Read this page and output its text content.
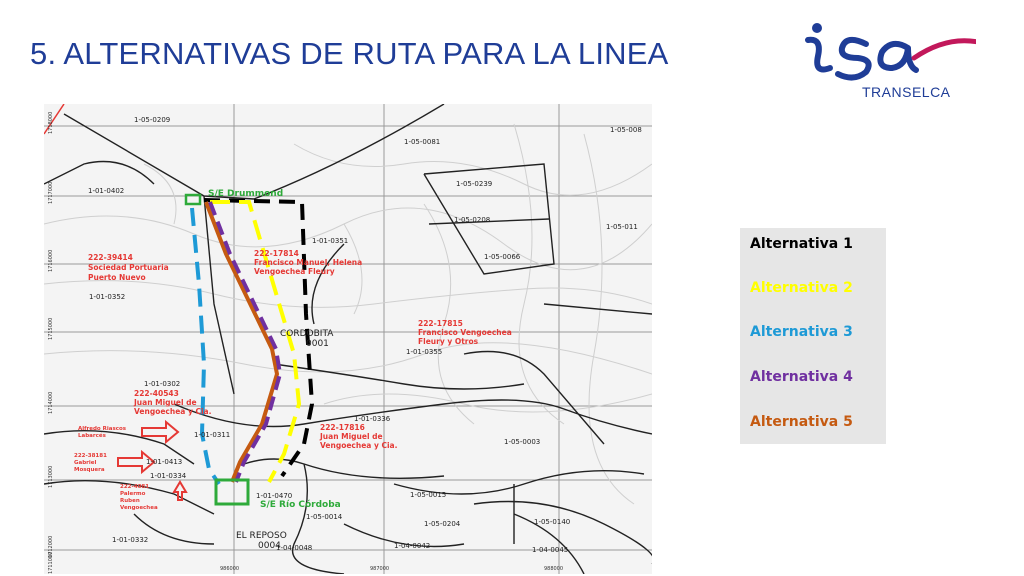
5. ALTERNATIVAS DE RUTA PARA LA LINEA
TRANSELCA
S/E Drummond
S/E Río Córdoba
1-05-0209
1-05-0081
1-05-008
1-05-0239
1-05-0208
1-05-011
1-05-0066
1-01-0402
1-01-0351
1-01-0352
1-01-0355
1-01-0302
1-01-0336
1-05-0003
1-01-0311
1-01-0413
1-01-0334
1-01-0470	1-05-0015
1-05-0204	1-05-0140
1-05-0014
1-04-0048	1-04-0042	1-04-0045
1-01-0332
CORDOBITA
0001
EL REPOSO
0004
222-39414
Sociedad Portuaria
Puerto Nuevo
222-17814
Francisco Manuel, Helena
Vengoechea Fleury
222-17815
Francisco Vengoechea
Fleury y Otros
222-40543
Juan Miguel de
Vengoechea y Cia.
222-17816
Juan Miguel de
Vengoechea y Cia.
Alfredo Riascos
Labarcés
222-38181
Gabriel
Mosquera
222-4081
Palermo
Ruben
Vengoechea
986000	987000	988000
1718000
1717000
1716000
1715000
1714000
1713000
1712000
1711000
Alternativa 1
Alternativa 2
Alternativa 3
Alternativa 4
Alternativa 5
